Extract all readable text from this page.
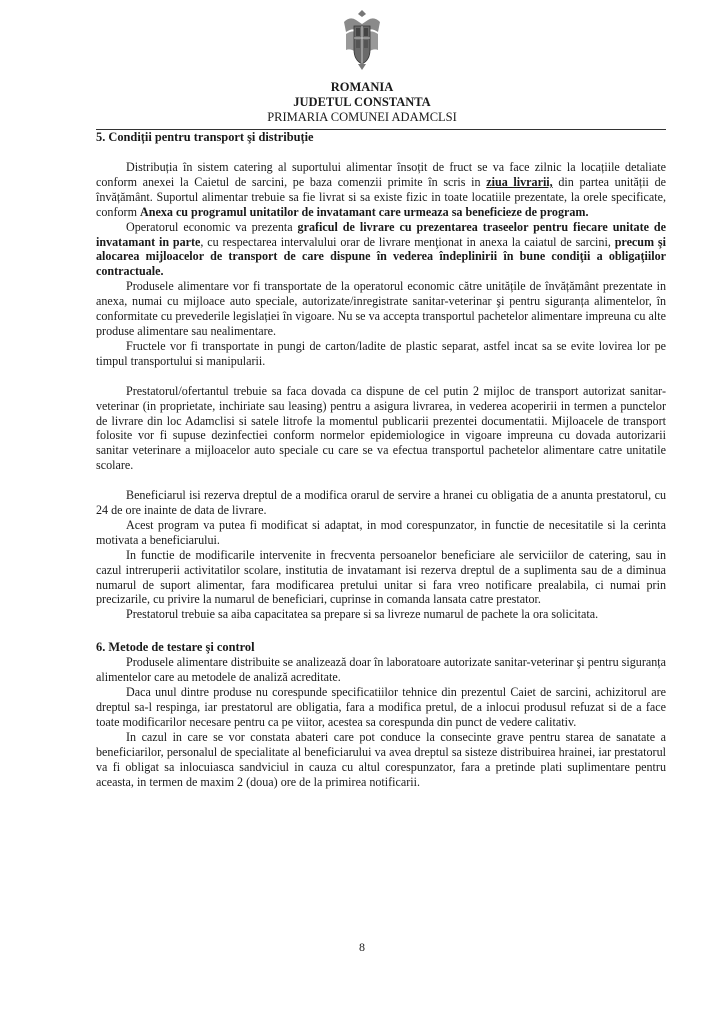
ROMANIA
JUDETUL CONSTANTA
PRIMARIA COMUNEI ADAMCLSI
5. Condiții pentru transport şi distribuție

Distribuția în sistem catering al suportului alimentar însoțit de fruct se va face zilnic la locațiile detaliate conform anexei la Caietul de sarcini, pe baza comenzii primite în scris in ziua livrarii, din partea unității de învățământ. Suportul alimentar trebuie sa fie livrat si sa existe fizic in toate locatiile prezentate, la orele specificate, conform Anexa cu programul unitatilor de invatamant care urmeaza sa beneficieze de program.

Operatorul economic va prezenta graficul de livrare cu prezentarea traseelor pentru fiecare unitate de invatamant in parte, cu respectarea intervalului orar de livrare menţionat in anexa la caiatul de sarcini, precum şi alocarea mijloacelor de transport de care dispune în vederea îndeplinirii în bune condiţii a obligaţiilor contractuale.

Produsele alimentare vor fi transportate de la operatorul economic către unitățile de învățământ prezentate in anexa, numai cu mijloace auto speciale, autorizate/inregistrate sanitar-veterinar şi pentru siguranța alimentelor, în conformitate cu prevederile legislației în vigoare. Nu se va accepta transportul pachetelor alimentare impreuna cu alte produse alimentare sau nealimentare.

Fructele vor fi transportate in pungi de carton/ladite de plastic separat, astfel incat sa se evite lovirea lor pe timpul transportului si manipularii.

Prestatorul/ofertantul trebuie sa faca dovada ca dispune de cel putin 2 mijloc de transport autorizat sanitar-veterinar (in proprietate, inchiriate sau leasing) pentru a asigura livrarea, in vederea acoperirii in termen a punctelor de livrare din loc Adamclisi si satele litrofe la momentul publicarii prezentei documentatii. Mijloacele de transport folosite vor fi supuse dezinfectiei conform normelor epidemiologice in vigoare impreuna cu dovada autorizarii sanitar veterinare a mijloacelor auto speciale cu care se va efectua transportul pachetelor alimentare catre unitatile scolare.

Beneficiarul isi rezerva dreptul de a modifica orarul de servire a hranei cu obligatia de a anunta prestatorul, cu 24 de ore inainte de data de livrare.

Acest program va putea fi modificat si adaptat, in mod corespunzator, in functie de necesitatile si la cerinta motivata a beneficiarului.

In functie de modificarile intervenite in frecventa persoanelor beneficiare ale serviciilor de catering, sau in cazul intreruperii activitatilor scolare, institutia de invatamant isi rezerva dreptul de a suplimenta sau de a diminua numarul de suport alimentar, fara modificarea pretului unitar si fara vreo notificare prealabila, ci numai prin precizarile, cu privire la numarul de beneficiari, cuprinse in comanda lansata catre prestator.

Prestatorul trebuie sa aiba capacitatea sa prepare si sa livreze numarul de pachete la ora solicitata.

6. Metode de testare şi control

Produsele alimentare distribuite se analizează doar în laboratoare autorizate sanitar-veterinar şi pentru siguranța alimentelor care au metodele de analiză acreditate.

Daca unul dintre produse nu corespunde specificatiilor tehnice din prezentul Caiet de sarcini, achizitorul are dreptul sa-l respinga, iar prestatorul are obligatia, fara a modifica pretul, de a inlocui produsul refuzat si de a face toate modificarilor necesare pentru ca pe viitor, acestea sa corespunda din punct de vedere calitativ.

In cazul in care se vor constata abateri care pot conduce la consecinte grave pentru starea de sanatate a beneficiarilor, personalul de specialitate al beneficiarului va avea dreptul sa sisteze distribuirea hrainei, iar prestatorul va fi obligat sa inlocuiasca sandviciul in cauza cu altul corespunzator, fara a pretinde plati suplimentare pentru aceasta, in termen de maxim 2 (doua) ore de la primirea notificarii.

8
